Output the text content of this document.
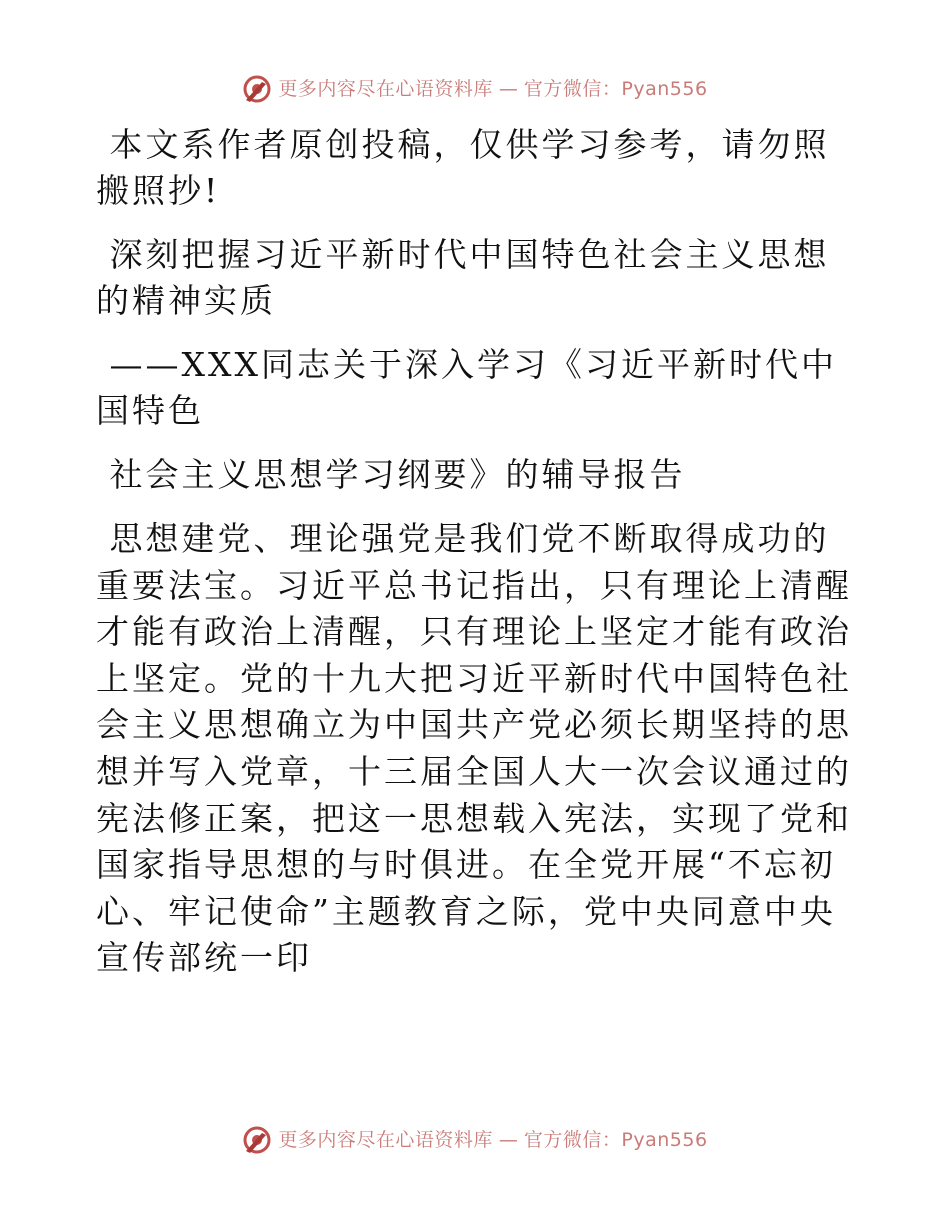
更多内容尽在心语资料库 — 官方微信：Pyan556

本文系作者原创投稿，仅供学习参考，请勿照搬照抄!

深刻把握习近平新时代中国特色社会主义思想的精神实质

——XXX同志关于深入学习《习近平新时代中国特色

社会主义思想学习纲要》的辅导报告

思想建党、理论强党是我们党不断取得成功的重要法宝。习近平总书记指出，只有理论上清醒才能有政治上清醒，只有理论上坚定才能有政治上坚定。党的十九大把习近平新时代中国特色社会主义思想确立为中国共产党必须长期坚持的思想并写入党章，十三届全国人大一次会议通过的宪法修正案，把这一思想载入宪法，实现了党和国家指导思想的与时俱进。在全党开展“不忘初心、牢记使命”主题教育之际，党中央同意中央宣传部统一印

更多内容尽在心语资料库 — 官方微信：Pyan556
